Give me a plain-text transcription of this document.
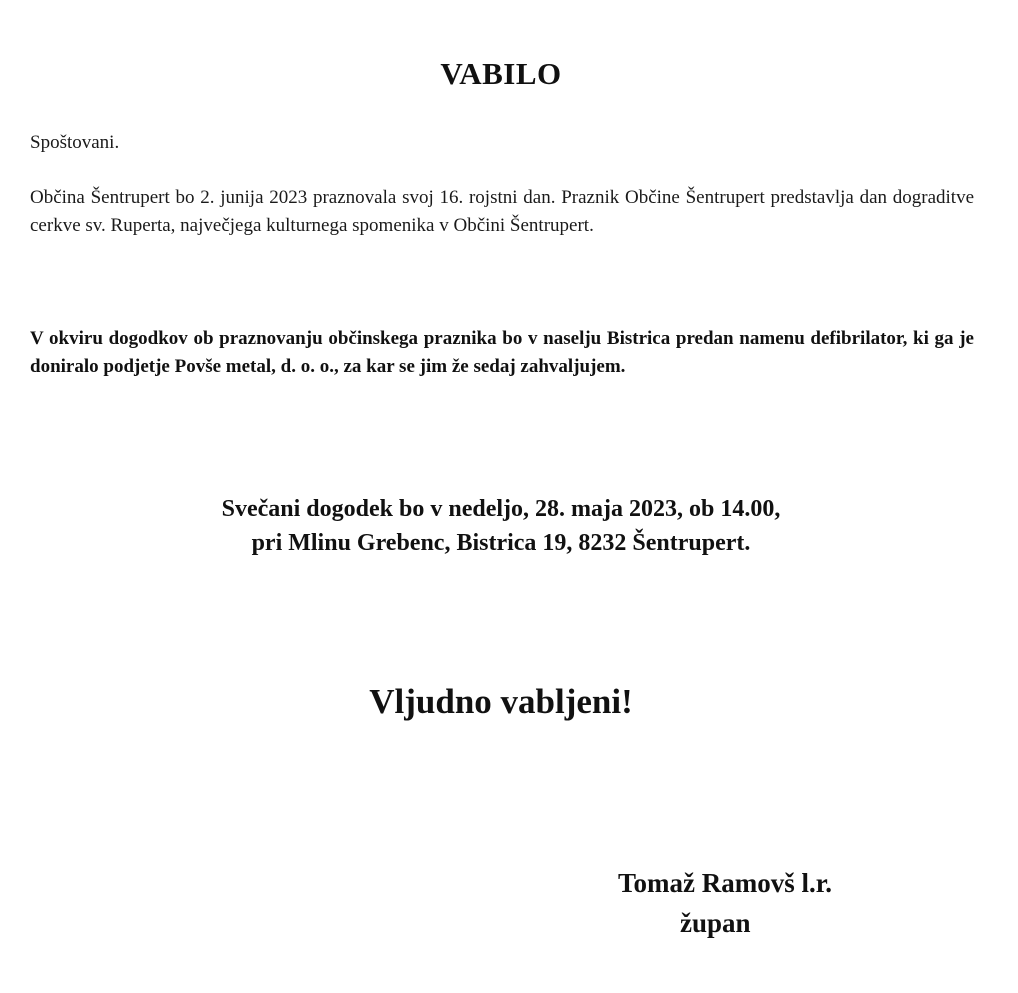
VABILO
Spoštovani.
Občina Šentrupert bo 2. junija 2023 praznovala svoj 16. rojstni dan. Praznik Občine Šentrupert predstavlja dan dograditve cerkve sv. Ruperta, največjega kulturnega spomenika v Občini Šentrupert.
V okviru dogodkov ob praznovanju občinskega praznika bo v naselju Bistrica predan namenu defibrilator, ki ga je doniralo podjetje Povše metal, d. o. o., za kar se jim že sedaj zahvaljujem.
Svečani dogodek bo v nedeljo, 28. maja 2023, ob 14.00,
pri Mlinu Grebenc, Bistrica 19, 8232 Šentrupert.
Vljudno vabljeni!
Tomaž Ramovš l.r.
župan
